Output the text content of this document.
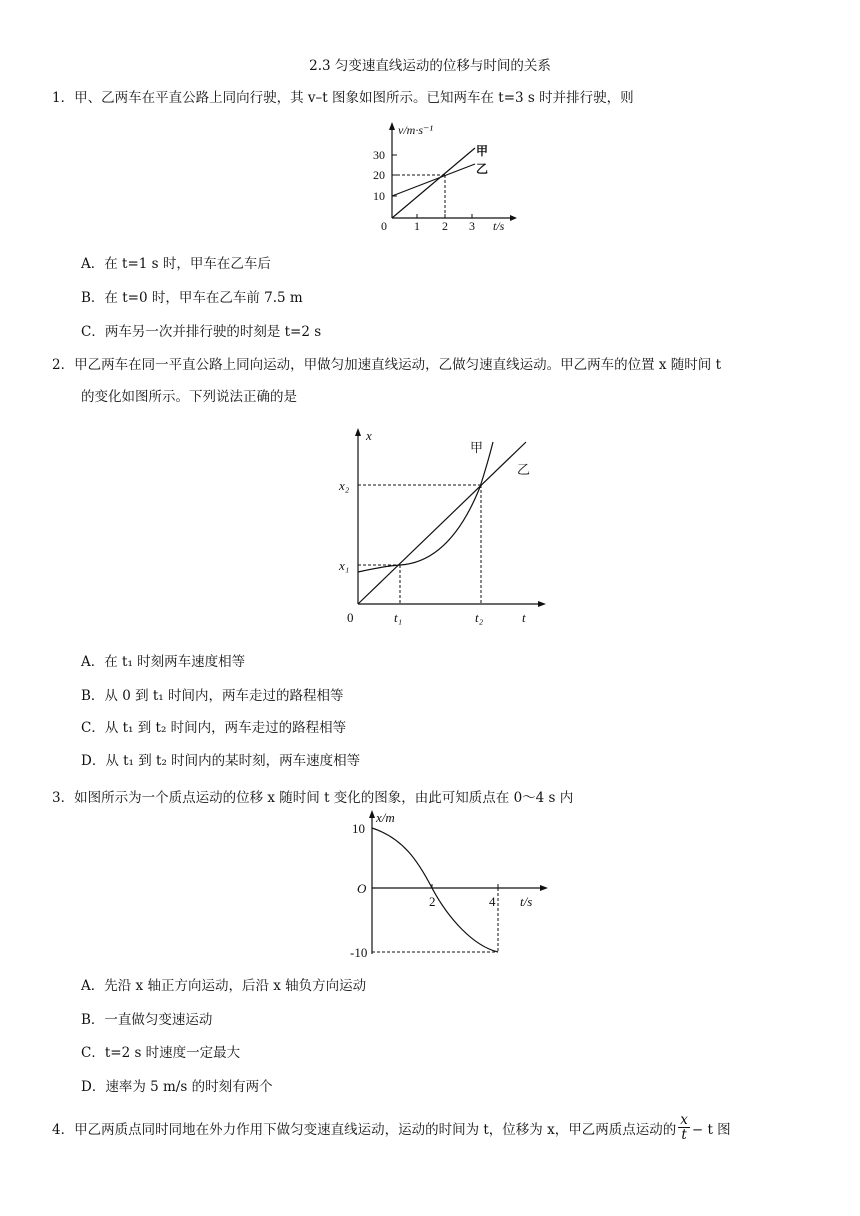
2.3 匀变速直线运动的位移与时间的关系
1．甲、乙两车在平直公路上同向行驶，其 v–t 图象如图所示。已知两车在 t=3 s 时并排行驶，则
v/m·s⁻¹
t/s
0
30
20
10
1 2 3
甲
乙
A．在 t=1 s 时，甲车在乙车后
B．在 t=0 时，甲车在乙车前 7.5 m
C．两车另一次并排行驶的时刻是 t=2 s
2．甲乙两车在同一平直公路上同向运动，甲做匀加速直线运动，乙做匀速直线运动。甲乙两车的位置 x 随时间 t
的变化如图所示。下列说法正确的是
x
t
0
x₁
x₂
t₁	t₂
甲
乙
A．在 t₁ 时刻两车速度相等
B．从 0 到 t₁ 时间内，两车走过的路程相等
C．从 t₁ 到 t₂ 时间内，两车走过的路程相等
D．从 t₁ 到 t₂ 时间内的某时刻，两车速度相等
3．如图所示为一个质点运动的位移 x 随时间 t 变化的图象，由此可知质点在 0～4 s 内
x/m
t/s
O
10
-10
2	4
A．先沿 x 轴正方向运动，后沿 x 轴负方向运动
B．一直做匀变速运动
C．t=2 s 时速度一定最大
D．速率为 5 m/s 的时刻有两个
4． 甲乙两质点同时同地在外力作用下做匀变速直线运动，运动的时间为 t，位移为 x，甲乙两质点运动的 $\frac{x}{t} - t$ 图
